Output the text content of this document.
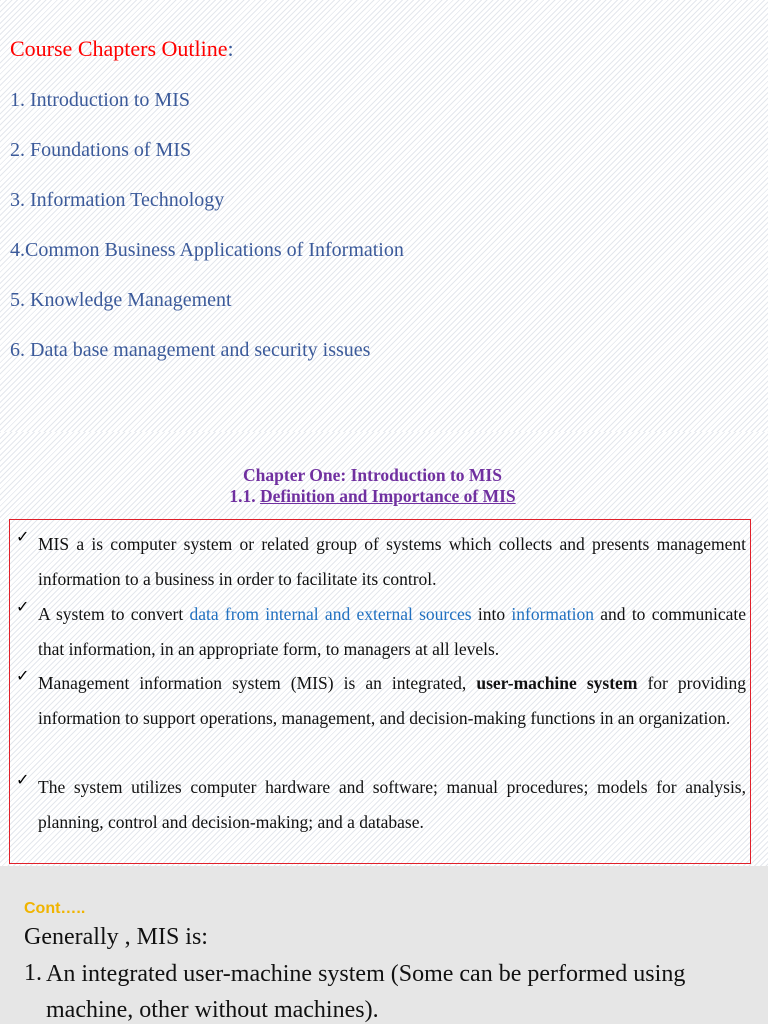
Course Chapters Outline:
1. Introduction to MIS
2. Foundations of MIS
3. Information Technology
4.Common Business Applications of Information
5. Knowledge Management
6. Data base management and security issues
Chapter One: Introduction to MIS
1.1. Definition and Importance of MIS
✓ MIS a is computer system or related group of systems which collects and presents management information to a business in order to facilitate its control.
✓ A system to convert data from internal and external sources into information and to communicate that information, in an appropriate form, to managers at all levels.
✓ Management information system (MIS) is an integrated, user-machine system for providing information to support operations, management, and decision-making functions in an organization.
✓ The system utilizes computer hardware and software; manual procedures; models for analysis, planning, control and decision-making; and a database.
Cont…..
Generally , MIS is:
1. An integrated user-machine system (Some can be performed using machine, other without machines).
